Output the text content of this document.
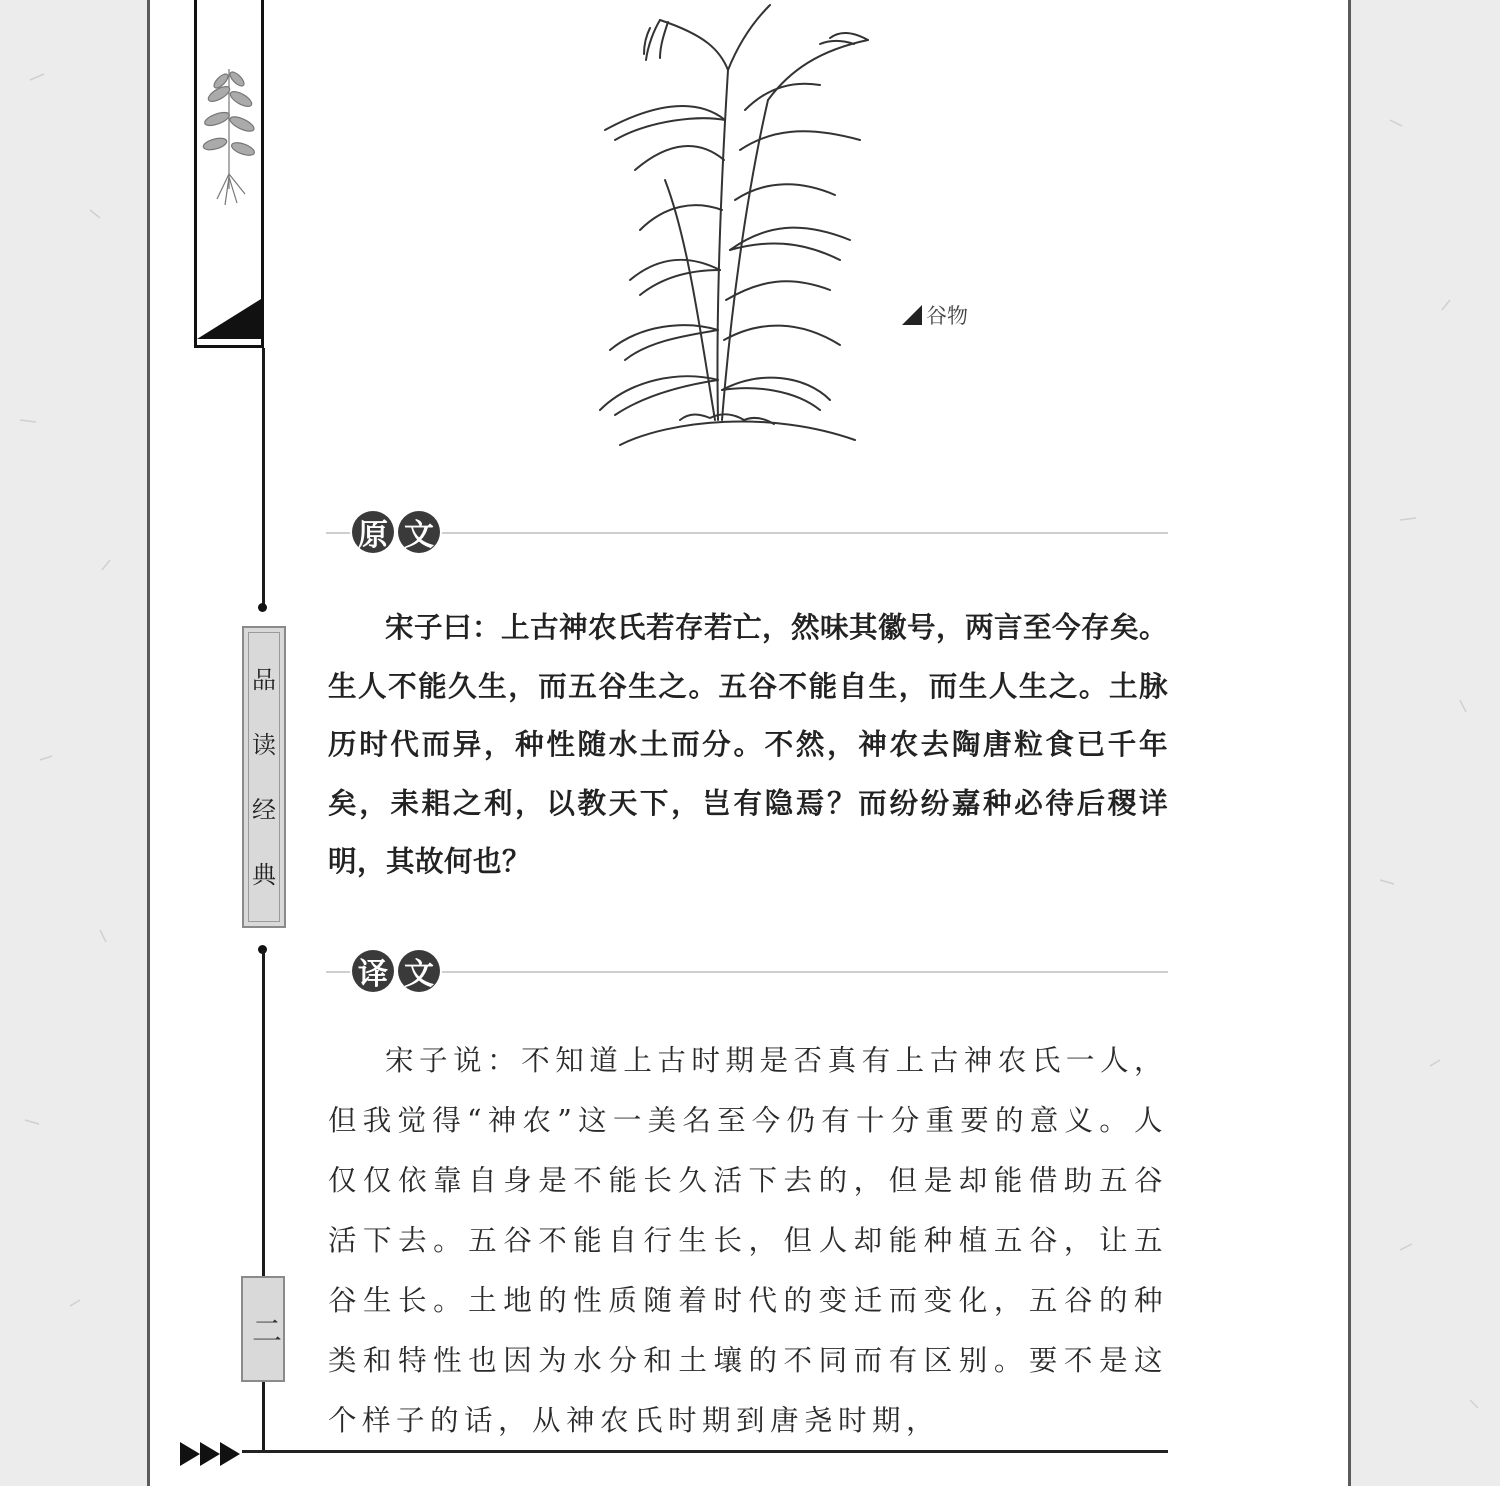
品
读
经
典
二
谷物
原 文

宋子曰：上古神农氏若存若亡，然味其徽号，两言至今存矣。生人不能久生，而五谷生之。五谷不能自生，而生人生之。土脉历时代而异，种性随水土而分。不然，神农去陶唐粒食已千年矣，耒耜之利，以教天下，岂有隐焉？而纷纷嘉种必待后稷详明，其故何也？

译 文

宋子说：不知道上古时期是否真有上古神农氏一人，但我觉得“神农”这一美名至今仍有十分重要的意义。人仅仅依靠自身是不能长久活下去的，但是却能借助五谷活下去。五谷不能自行生长，但人却能种植五谷，让五谷生长。土地的性质随着时代的变迁而变化，五谷的种类和特性也因为水分和土壤的不同而有区别。要不是这个样子的话，从神农氏时期到唐尧时期，
